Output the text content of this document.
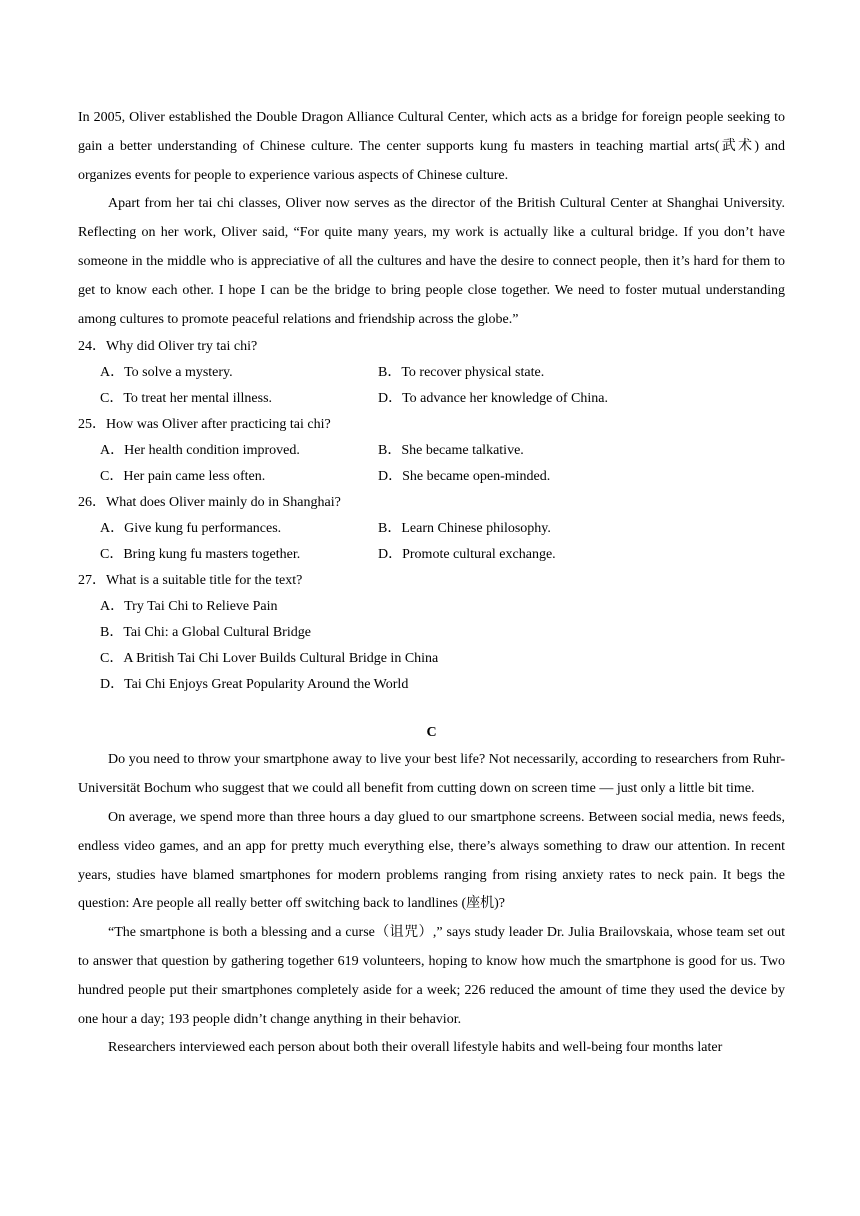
In 2005, Oliver established the Double Dragon Alliance Cultural Center, which acts as a bridge for foreign people seeking to gain a better understanding of Chinese culture. The center supports kung fu masters in teaching martial arts(武术) and organizes events for people to experience various aspects of Chinese culture.

Apart from her tai chi classes, Oliver now serves as the director of the British Cultural Center at Shanghai University. Reflecting on her work, Oliver said, “For quite many years, my work is actually like a cultural bridge. If you don’t have someone in the middle who is appreciative of all the cultures and have the desire to connect people, then it’s hard for them to get to know each other. I hope I can be the bridge to bring people close together. We need to foster mutual understanding among cultures to promote peaceful relations and friendship across the globe.”

24．Why did Oliver try tai chi?
A．To solve a mystery.	B．To recover physical state.
C．To treat her mental illness.	D．To advance her knowledge of China.
25．How was Oliver after practicing tai chi?
A．Her health condition improved.	B．She became talkative.
C．Her pain came less often.	D．She became open-minded.
26．What does Oliver mainly do in Shanghai?
A．Give kung fu performances.	B．Learn Chinese philosophy.
C．Bring kung fu masters together.	D．Promote cultural exchange.
27．What is a suitable title for the text?
A．Try Tai Chi to Relieve Pain
B．Tai Chi: a Global Cultural Bridge
C．A British Tai Chi Lover Builds Cultural Bridge in China
D．Tai Chi Enjoys Great Popularity Around the World
C

Do you need to throw your smartphone away to live your best life? Not necessarily, according to researchers from Ruhr-Universität Bochum who suggest that we could all benefit from cutting down on screen time — just only a little bit time.

On average, we spend more than three hours a day glued to our smartphone screens. Between social media, news feeds, endless video games, and an app for pretty much everything else, there’s always something to draw our attention. In recent years, studies have blamed smartphones for modern problems ranging from rising anxiety rates to neck pain. It begs the question: Are people all really better off switching back to landlines (座机)?

“The smartphone is both a blessing and a curse（诅咒）,” says study leader Dr. Julia Brailovskaia, whose team set out to answer that question by gathering together 619 volunteers, hoping to know how much the smartphone is good for us. Two hundred people put their smartphones completely aside for a week; 226 reduced the amount of time they used the device by one hour a day; 193 people didn’t change anything in their behavior.

Researchers interviewed each person about both their overall lifestyle habits and well-being four months later
